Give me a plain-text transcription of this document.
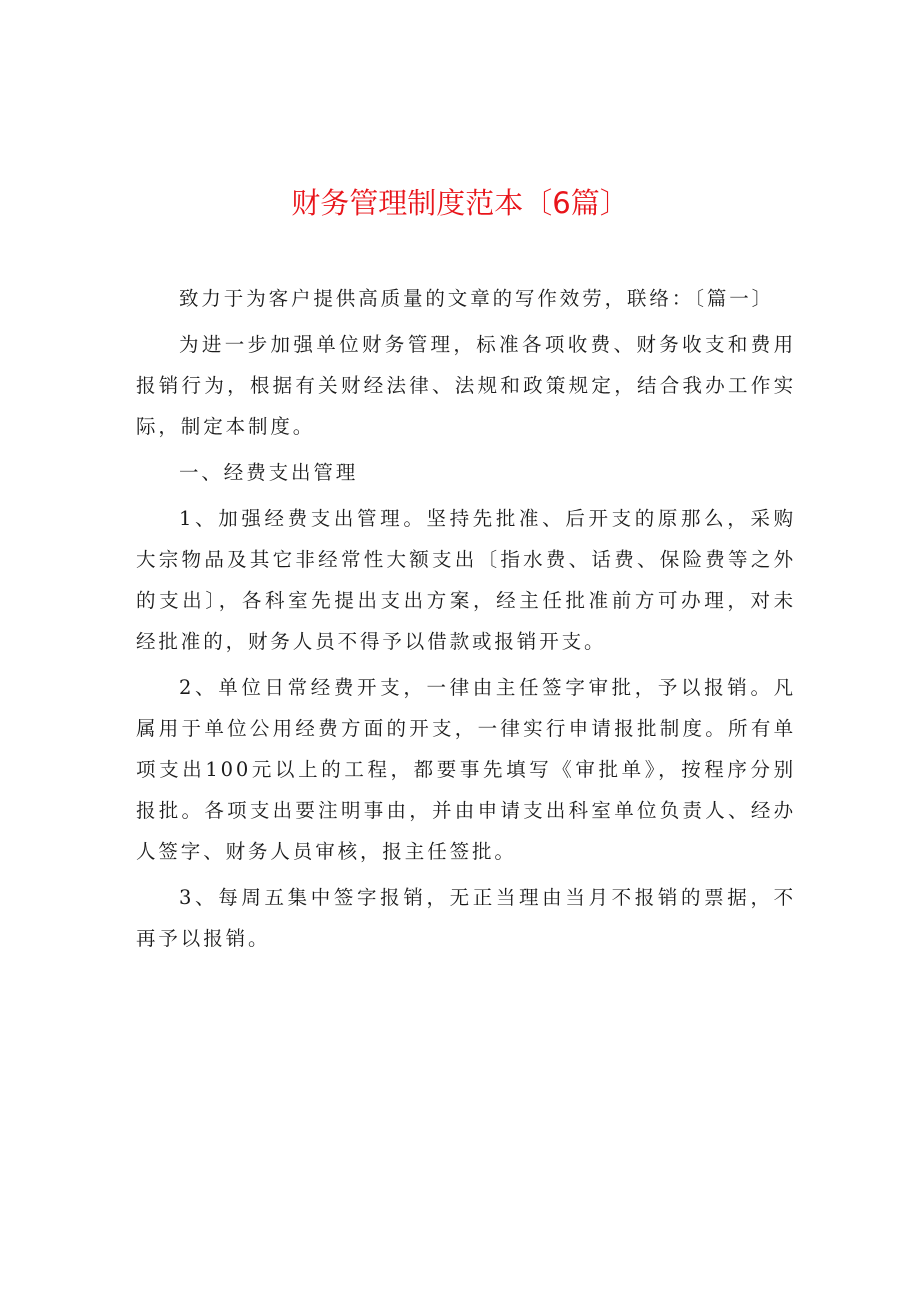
财务管理制度范本〔6篇〕

致力于为客户提供高质量的文章的写作效劳，联络：〔篇一〕

为进一步加强单位财务管理，标准各项收费、财务收支和费用报销行为，根据有关财经法律、法规和政策规定，结合我办工作实际，制定本制度。

一、经费支出管理

1、加强经费支出管理。坚持先批准、后开支的原那么，采购大宗物品及其它非经常性大额支出〔指水费、话费、保险费等之外的支出〕，各科室先提出支出方案，经主任批准前方可办理，对未经批准的，财务人员不得予以借款或报销开支。

2、单位日常经费开支，一律由主任签字审批，予以报销。凡属用于单位公用经费方面的开支，一律实行申请报批制度。所有单项支出100元以上的工程，都要事先填写《审批单》，按程序分别报批。各项支出要注明事由，并由申请支出科室单位负责人、经办人签字、财务人员审核，报主任签批。

3、每周五集中签字报销，无正当理由当月不报销的票据，不再予以报销。
